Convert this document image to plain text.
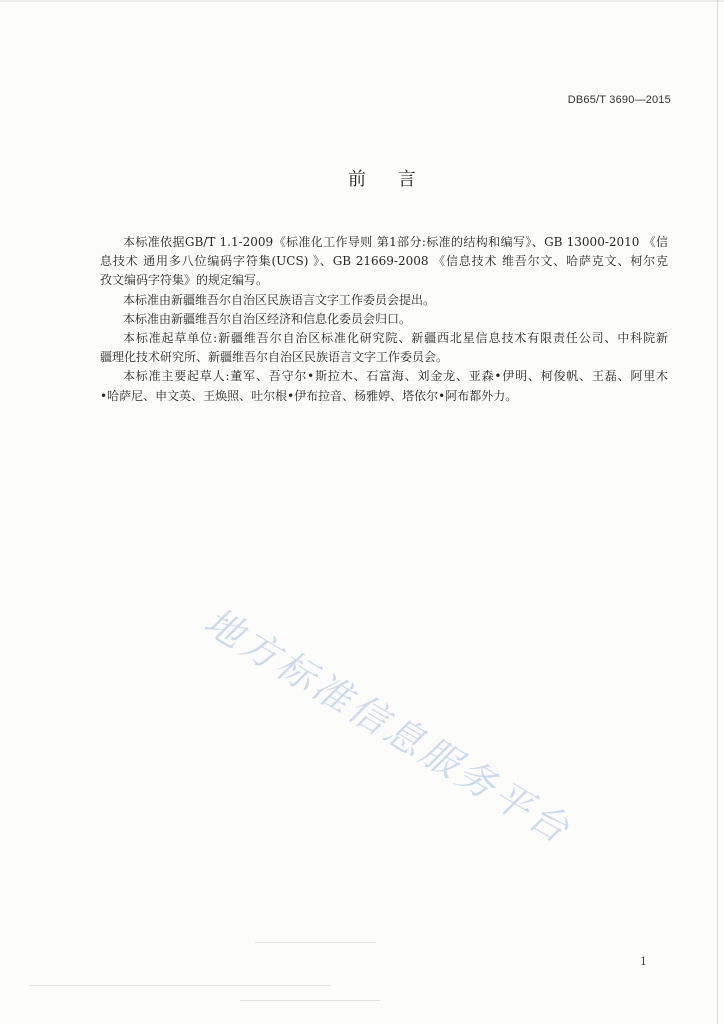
DB65/T 3690—2015
前 言

本标准依据GB/T 1.1-2009《标准化工作导则 第1部分:标准的结构和编写》、GB 13000-2010 《信
息技术 通用多八位编码字符集(UCS) 》、GB 21669-2008 《信息技术 维吾尔文、哈萨克文、柯尔克
孜文编码字符集》的规定编写。

本标准由新疆维吾尔自治区民族语言文字工作委员会提出。

本标准由新疆维吾尔自治区经济和信息化委员会归口。

本标准起草单位:新疆维吾尔自治区标准化研究院、新疆西北星信息技术有限责任公司、中科院新
疆理化技术研究所、新疆维吾尔自治区民族语言文字工作委员会。

本标准主要起草人:董军、吾守尔•斯拉木、石富海、刘金龙、亚森•伊明、柯俊帆、王磊、阿里木
•哈萨尼、申文英、王焕照、吐尔根•伊布拉音、杨雅婷、塔依尔•阿布都外力。

地方标准信息服务平台
1
